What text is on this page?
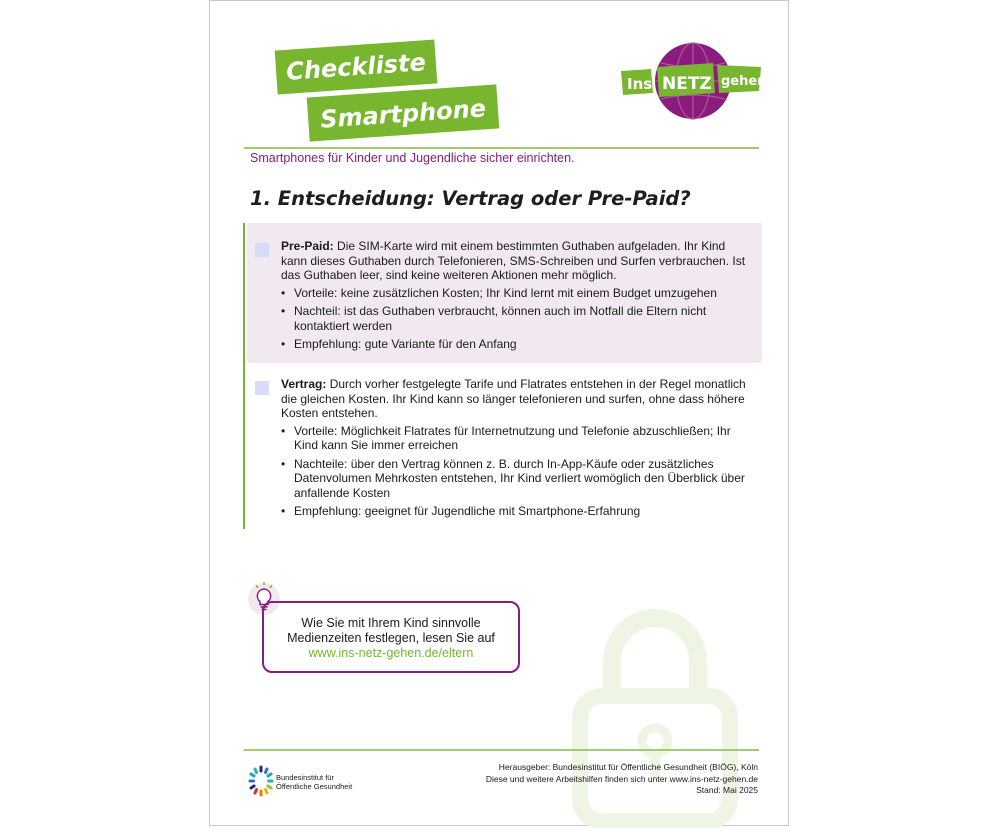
Checkliste
Smartphone
Ins NETZ gehen
Smartphones für Kinder und Jugendliche sicher einrichten.
1. Entscheidung: Vertrag oder Pre-Paid?
Pre-Paid: Die SIM-Karte wird mit einem bestimmten Guthaben aufgeladen. Ihr Kind kann dieses Guthaben durch Telefonieren, SMS-Schreiben und Surfen verbrauchen. Ist das Guthaben leer, sind keine weiteren Aktionen mehr möglich.
• Vorteile: keine zusätzlichen Kosten; Ihr Kind lernt mit einem Budget umzugehen
• Nachteil: ist das Guthaben verbraucht, können auch im Notfall die Eltern nicht kontaktiert werden
• Empfehlung: gute Variante für den Anfang
Vertrag: Durch vorher festgelegte Tarife und Flatrates entstehen in der Regel monatlich die gleichen Kosten. Ihr Kind kann so länger telefonieren und surfen, ohne dass höhere Kosten entstehen.
• Vorteile: Möglichkeit Flatrates für Internetnutzung und Telefonie abzuschließen; Ihr Kind kann Sie immer erreichen
• Nachteile: über den Vertrag können z. B. durch In-App-Käufe oder zusätzliches Datenvolumen Mehrkosten entstehen, Ihr Kind verliert womöglich den Überblick über anfallende Kosten
• Empfehlung: geeignet für Jugendliche mit Smartphone-Erfahrung
Wie Sie mit Ihrem Kind sinnvolle
Medienzeiten festlegen, lesen Sie auf
www.ins-netz-gehen.de/eltern
Bundesinstitut für
Öffentliche Gesundheit
Herausgeber: Bundesinstitut für Öffentliche Gesundheit (BIÖG), Köln
Diese und weitere Arbeitshilfen finden sich unter www.ins-netz-gehen.de
Stand: Mai 2025
